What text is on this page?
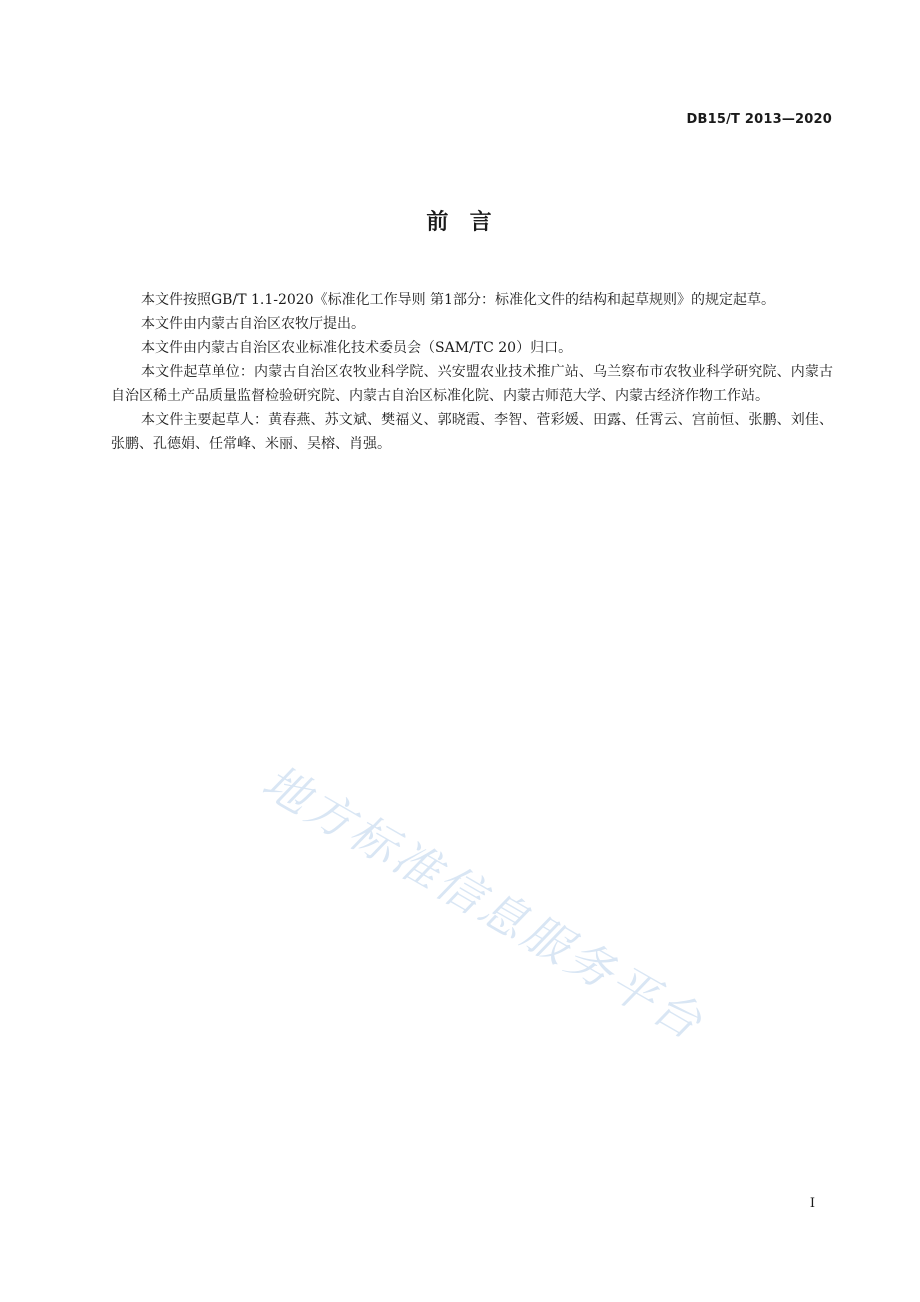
DB15/T 2013—2020
前  言

本文件按照GB/T 1.1-2020《标准化工作导则 第1部分：标准化文件的结构和起草规则》的规定起草。

本文件由内蒙古自治区农牧厅提出。

本文件由内蒙古自治区农业标准化技术委员会（SAM/TC 20）归口。

本文件起草单位：内蒙古自治区农牧业科学院、兴安盟农业技术推广站、乌兰察布市农牧业科学研究院、内蒙古自治区稀土产品质量监督检验研究院、内蒙古自治区标准化院、内蒙古师范大学、内蒙古经济作物工作站。

本文件主要起草人：黄春燕、苏文斌、樊福义、郭晓霞、李智、菅彩媛、田露、任霄云、宫前恒、张鹏、刘佳、张鹏、孔德娟、任常峰、米丽、吴榕、肖强。

地方标准信息服务平台
I
